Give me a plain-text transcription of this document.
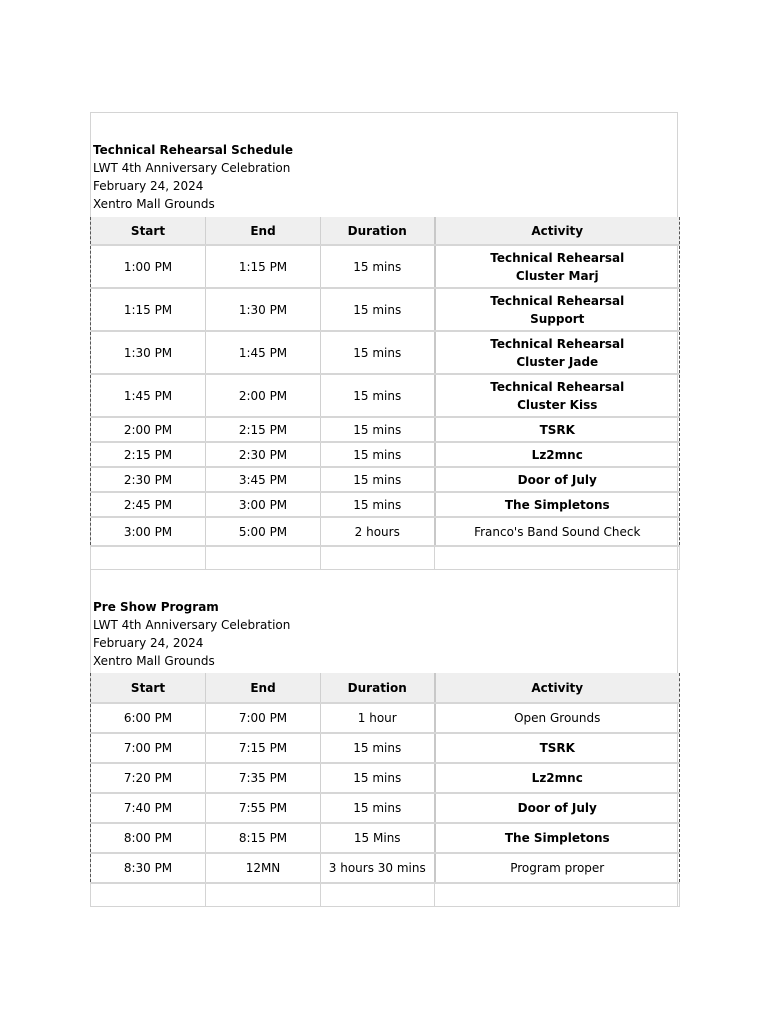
Technical Rehearsal Schedule
LWT 4th Anniversary Celebration
February 24, 2024
Xentro Mall Grounds
Start	End	Duration	Activity
1:00 PM	1:15 PM	15 mins	Technical Rehearsal
Cluster Marj

1:15 PM	1:30 PM	15 mins	Technical Rehearsal
Support

1:30 PM	1:45 PM	15 mins	Technical Rehearsal
Cluster Jade

1:45 PM	2:00 PM	15 mins	Technical Rehearsal
Cluster Kiss

2:00 PM	2:15 PM	15 mins	TSRK

2:15 PM	2:30 PM	15 mins	Lz2mnc

2:30 PM	3:45 PM	15 mins	Door of July

2:45 PM	3:00 PM	15 mins	The Simpletons

3:00 PM	5:00 PM	2 hours	Franco's Band Sound Check

Pre Show Program
LWT 4th Anniversary Celebration
February 24, 2024
Xentro Mall Grounds
Start	End	Duration	Activity
6:00 PM	7:00 PM	1 hour	Open Grounds

7:00 PM	7:15 PM	15 mins	TSRK

7:20 PM	7:35 PM	15 mins	Lz2mnc

7:40 PM	7:55 PM	15 mins	Door of July

8:00 PM	8:15 PM	15 Mins	The Simpletons

8:30 PM	12MN	3 hours 30 mins	Program proper
